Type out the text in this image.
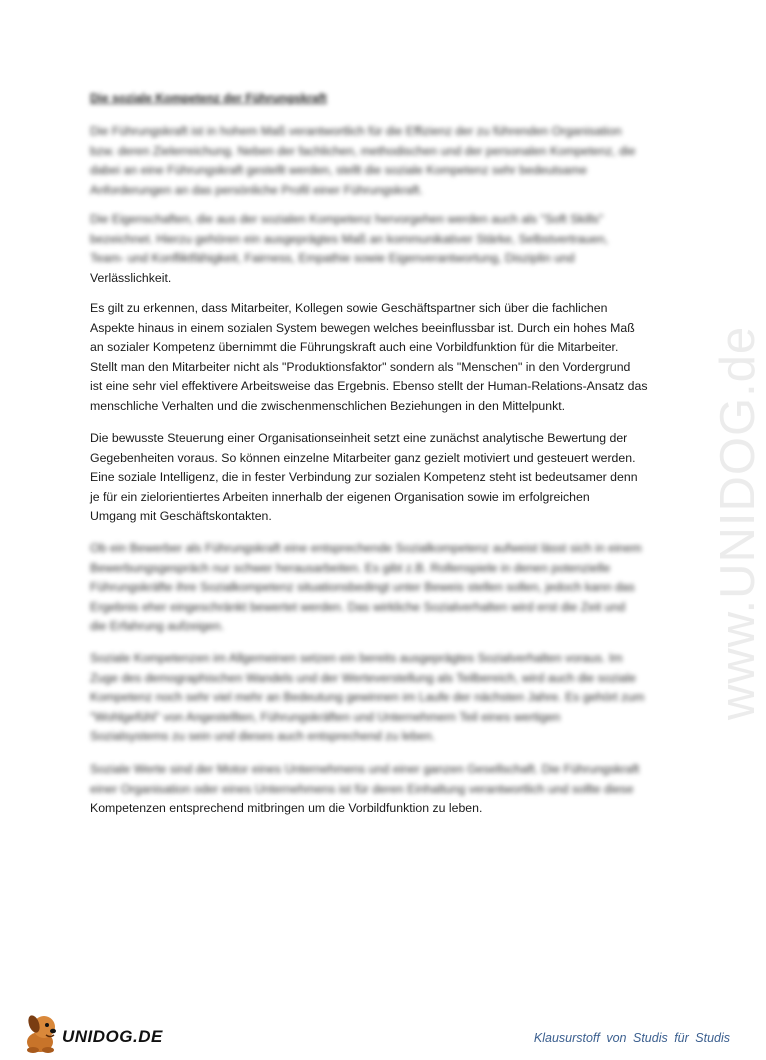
www.UNIDOG.de
Die soziale Kompetenz der Führungskraft
Die Führungskraft ist in hohem Maß verantwortlich für die Effizienz der zu führenden Organisation
bzw. deren Zielerreichung. Neben der fachlichen, methodischen und der personalen Kompetenz, die
dabei an eine Führungskraft gestellt werden, stellt die soziale Kompetenz sehr bedeutsame
Anforderungen an das persönliche Profil einer Führungskraft.
Die Eigenschaften, die aus der sozialen Kompetenz hervorgehen werden auch als "Soft Skills"
bezeichnet. Hierzu gehören ein ausgeprägtes Maß an kommunikativer Stärke, Selbstvertrauen,
Team- und Konfliktfähigkeit, Fairness, Empathie sowie Eigenverantwortung, Disziplin und
Verlässlichkeit.
Es gilt zu erkennen, dass Mitarbeiter, Kollegen sowie Geschäftspartner sich über die fachlichen
Aspekte hinaus in einem sozialen System bewegen welches beeinflussbar ist. Durch ein hohes Maß
an sozialer Kompetenz übernimmt die Führungskraft auch eine Vorbildfunktion für die Mitarbeiter.
Stellt man den Mitarbeiter nicht als "Produktionsfaktor" sondern als "Menschen" in den Vordergrund
ist eine sehr viel effektivere Arbeitsweise das Ergebnis. Ebenso stellt der Human-Relations-Ansatz das
menschliche Verhalten und die zwischenmenschlichen Beziehungen in den Mittelpunkt.
Die bewusste Steuerung einer Organisationseinheit setzt eine zunächst analytische Bewertung der
Gegebenheiten voraus. So können einzelne Mitarbeiter ganz gezielt motiviert und gesteuert werden.
Eine soziale Intelligenz, die in fester Verbindung zur sozialen Kompetenz steht ist bedeutsamer denn
je für ein zielorientiertes Arbeiten innerhalb der eigenen Organisation sowie im erfolgreichen
Umgang mit Geschäftskontakten.
Ob ein Bewerber als Führungskraft eine entsprechende Sozialkompetenz aufweist lässt sich in einem
Bewerbungsgespräch nur schwer herausarbeiten. Es gibt z.B. Rollenspiele in denen potenzielle
Führungskräfte ihre Sozialkompetenz situationsbedingt unter Beweis stellen sollen, jedoch kann das
Ergebnis eher eingeschränkt bewertet werden. Das wirkliche Sozialverhalten wird erst die Zeit und
die Erfahrung aufzeigen.
Soziale Kompetenzen im Allgemeinen setzen ein bereits ausgeprägtes Sozialverhalten voraus. Im
Zuge des demographischen Wandels und der Werteverstellung als Teilbereich, wird auch die soziale
Kompetenz noch sehr viel mehr an Bedeutung gewinnen im Laufe der nächsten Jahre. Es gehört zum
"Wohlgefühl" von Angestellten, Führungskräften und Unternehmern Teil eines wertigen
Sozialsystems zu sein und dieses auch entsprechend zu leben.
Soziale Werte sind der Motor eines Unternehmens und einer ganzen Gesellschaft. Die Führungskraft
einer Organisation oder eines Unternehmens ist für deren Einhaltung verantwortlich und sollte diese
Kompetenzen entsprechend mitbringen um die Vorbildfunktion zu leben.
UNIDOG.DE	Klausurstoff von Studis für Studis
